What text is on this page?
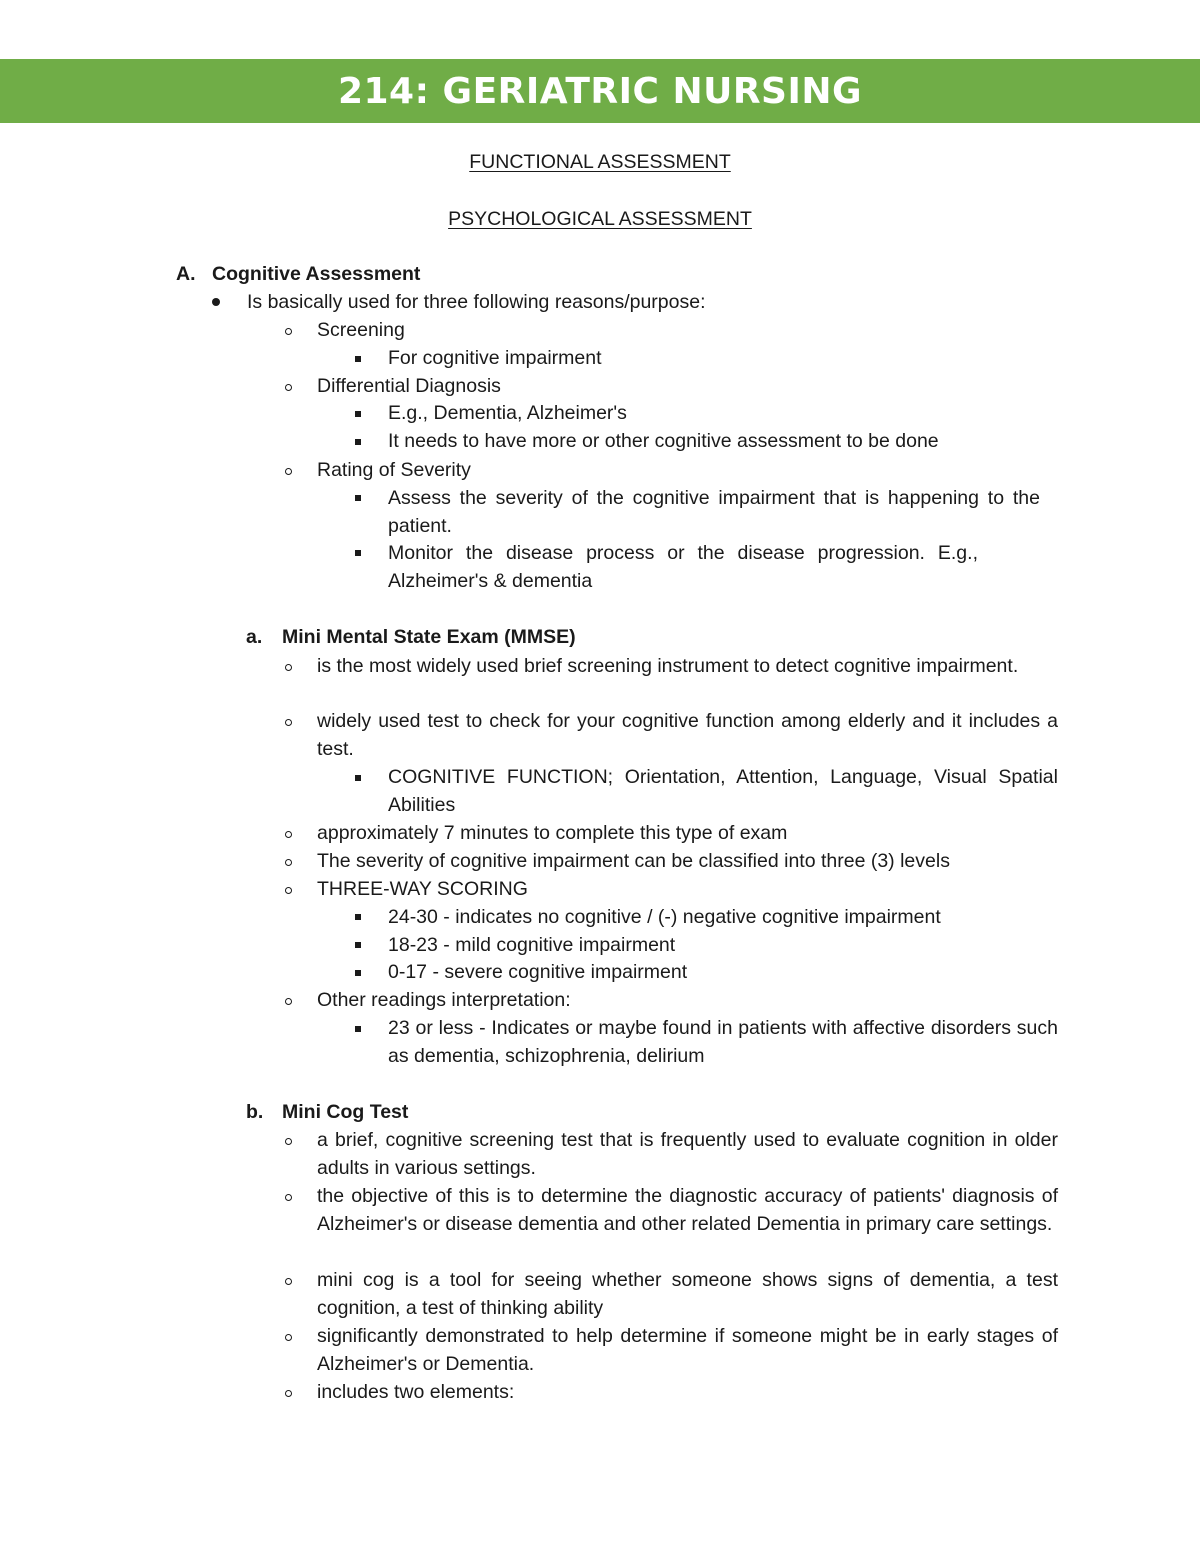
214: GERIATRIC NURSING
FUNCTIONAL ASSESSMENT
PSYCHOLOGICAL ASSESSMENT
A. Cognitive Assessment
Is basically used for three following reasons/purpose:
Screening
For cognitive impairment
Differential Diagnosis
E.g., Dementia, Alzheimer's
It needs to have more or other cognitive assessment to be done
Rating of Severity
Assess the severity of the cognitive impairment that is happening to the patient.
Monitor the disease process or the disease progression. E.g., Alzheimer's & dementia
a. Mini Mental State Exam (MMSE)
is the most widely used brief screening instrument to detect cognitive impairment.
widely used test to check for your cognitive function among elderly and it includes a test.
COGNITIVE FUNCTION; Orientation, Attention, Language, Visual Spatial Abilities
approximately 7 minutes to complete this type of exam
The severity of cognitive impairment can be classified into three (3) levels
THREE-WAY SCORING
24-30 - indicates no cognitive / (-) negative cognitive impairment
18-23 - mild cognitive impairment
0-17 - severe cognitive impairment
Other readings interpretation:
23 or less - Indicates or maybe found in patients with affective disorders such as dementia, schizophrenia, delirium
b. Mini Cog Test
a brief, cognitive screening test that is frequently used to evaluate cognition in older adults in various settings.
the objective of this is to determine the diagnostic accuracy of patients' diagnosis of Alzheimer's or disease dementia and other related Dementia in primary care settings.
mini cog is a tool for seeing whether someone shows signs of dementia, a test cognition, a test of thinking ability
significantly demonstrated to help determine if someone might be in early stages of Alzheimer's or Dementia.
includes two elements:
